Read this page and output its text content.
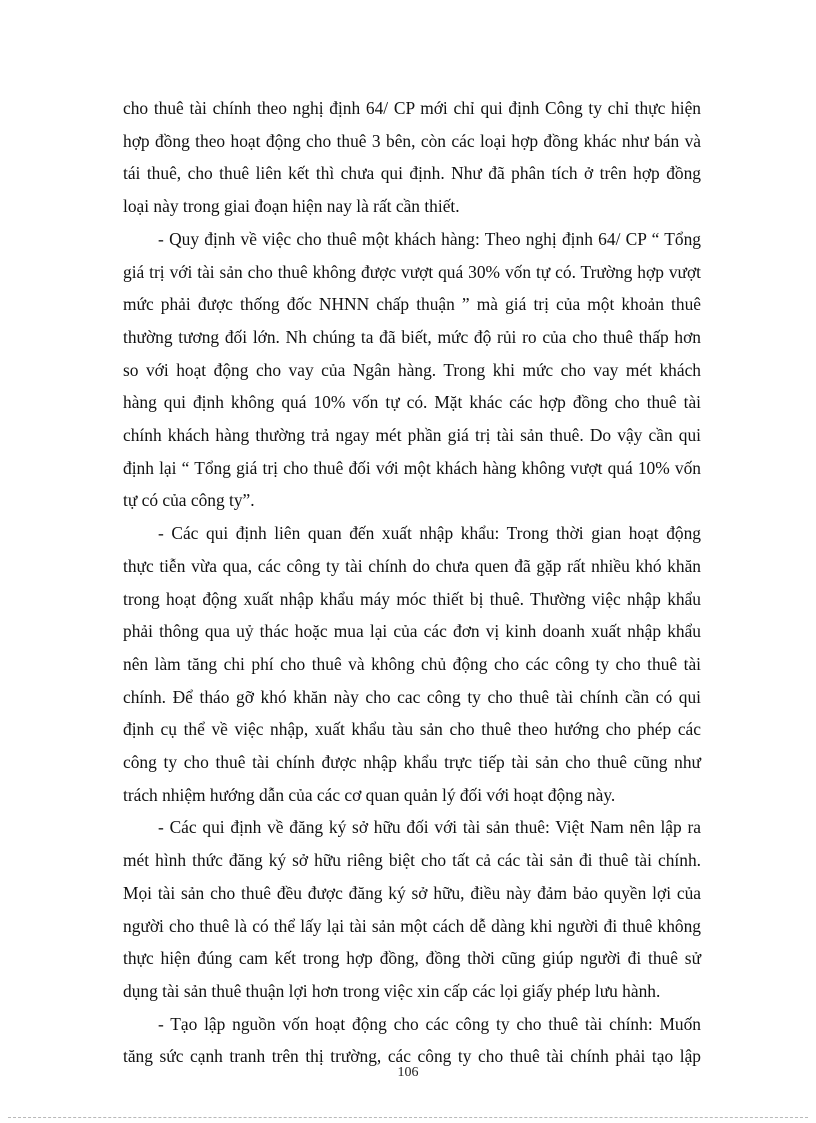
cho thuê tài chính theo nghị định 64/ CP mới chỉ qui định Công ty chỉ thực hiện
hợp đồng theo hoạt động cho thuê 3 bên, còn các loại hợp đồng khác như bán và
tái thuê, cho thuê liên kết thì chưa qui định. Như đã phân tích ở trên hợp đồng
loại này trong giai đoạn hiện nay là rất cần thiết.

- Quy định về việc cho thuê một khách hàng: Theo nghị định 64/ CP “ Tổng
giá trị với tài sản cho thuê không được vượt quá 30% vốn tự có. Trường hợp vượt
mức phải được thống đốc NHNN chấp thuận ” mà giá trị của một khoản thuê
thường tương đối lớn. Nh chúng ta đã biết, mức độ rủi ro của cho thuê thấp hơn
so với hoạt động cho vay của Ngân hàng. Trong khi mức cho vay mét khách
hàng qui định không quá 10% vốn tự có. Mặt khác các hợp đồng cho thuê tài
chính khách hàng thường trả ngay mét phần giá trị tài sản thuê. Do vậy cần qui
định lại “ Tổng giá trị cho thuê đối với một khách hàng không vượt quá 10% vốn
tự có của công ty”.

- Các qui định liên quan đến xuất nhập khẩu: Trong thời gian hoạt động
thực tiễn vừa qua, các công ty tài chính do chưa quen đã gặp rất nhiều khó khăn
trong hoạt động xuất nhập khẩu máy móc thiết bị thuê. Thường việc nhập khẩu
phải thông qua uỷ thác hoặc mua lại của các đơn vị kinh doanh xuất nhập khẩu
nên làm tăng chi phí cho thuê và không chủ động cho các công ty cho thuê tài
chính. Để tháo gỡ khó khăn này cho cac công ty cho thuê tài chính cần có qui
định cụ thể về việc nhập, xuất khẩu tàu sản cho thuê theo hướng cho phép các
công ty cho thuê tài chính được nhập khẩu trực tiếp tài sản cho thuê cũng như
trách nhiệm hướng dẫn của các cơ quan quản lý đối với hoạt động này.

- Các qui định về đăng ký sở hữu đối với tài sản thuê: Việt Nam nên lập ra
mét hình thức đăng ký sở hữu riêng biệt cho tất cả các tài sản đi thuê tài chính.
Mọi tài sản cho thuê đều được đăng ký sở hữu, điều này đảm bảo quyền lợi của
người cho thuê là có thể lấy lại tài sản một cách dễ dàng khi người đi thuê không
thực hiện đúng cam kết trong hợp đồng, đồng thời cũng giúp người đi thuê sử
dụng tài sản thuê thuận lợi hơn trong việc xin cấp các lọi giấy phép lưu hành.

- Tạo lập nguồn vốn hoạt động cho các công ty cho thuê tài chính: Muốn
tăng sức cạnh tranh trên thị trường, các công ty cho thuê tài chính phải tạo lập

106
